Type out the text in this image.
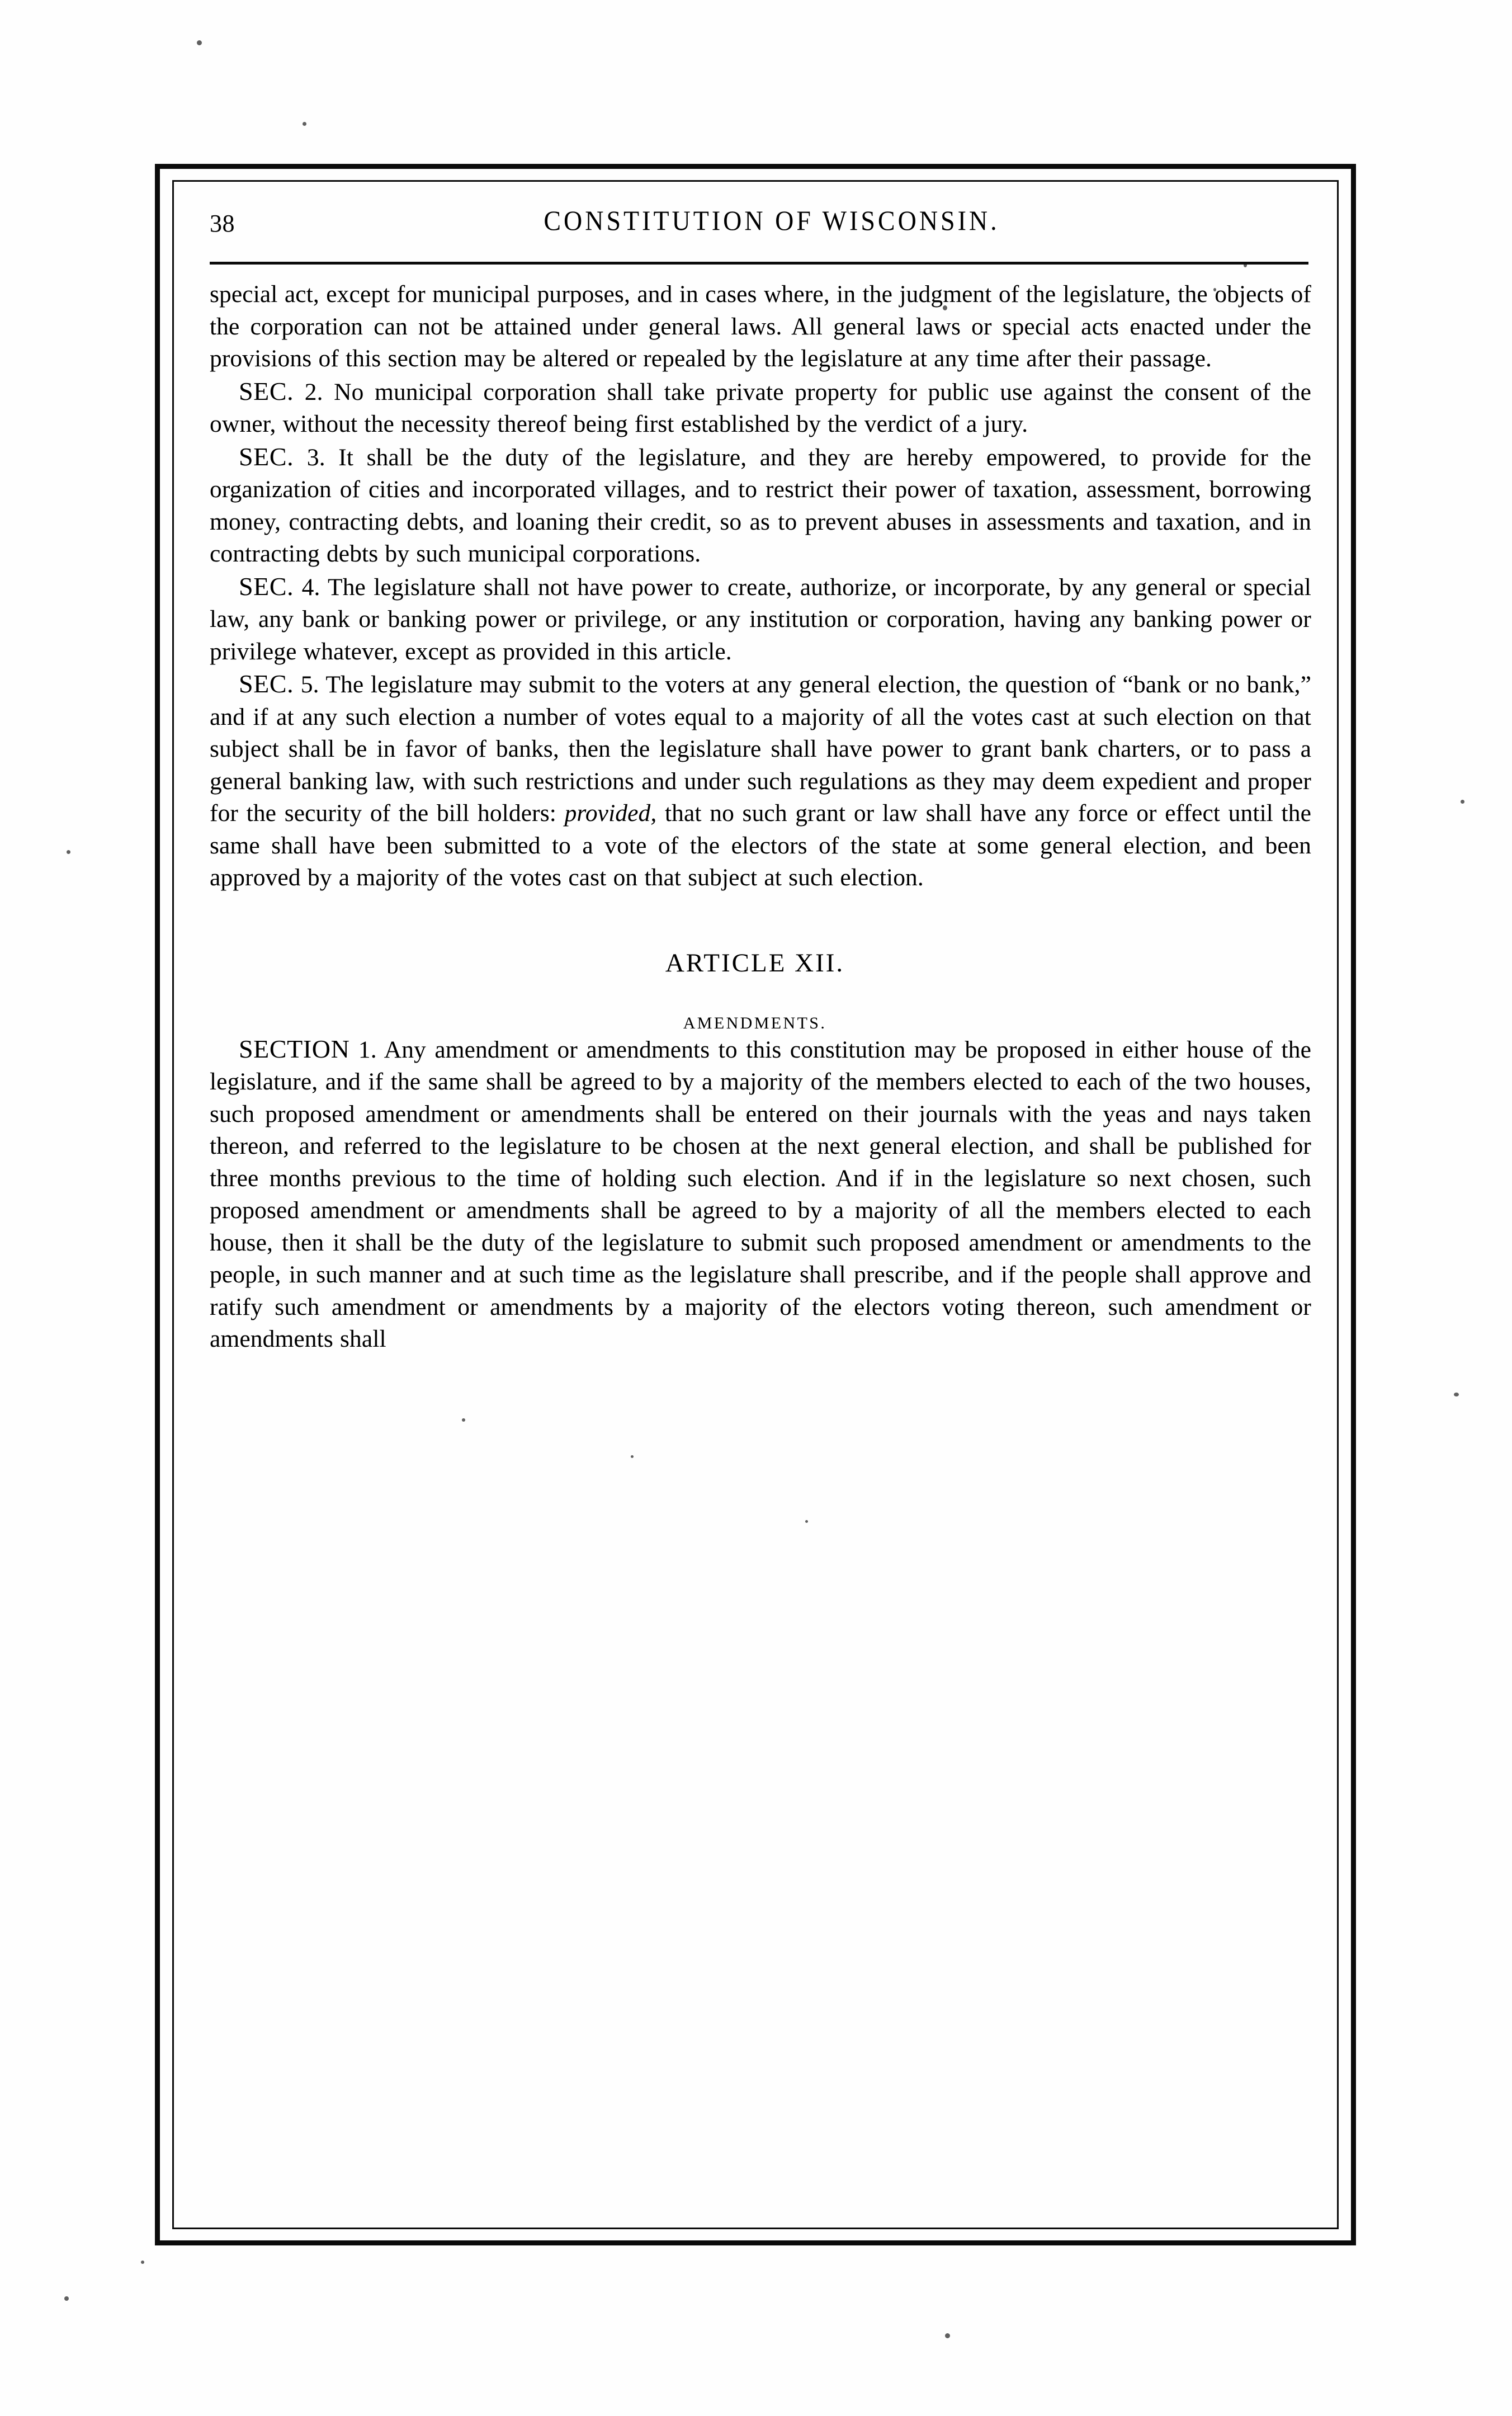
38	CONSTITUTION OF WISCONSIN.

special act, except for municipal purposes, and in cases where, in the judgment of the legislature, the objects of the corporation can not be attained under general laws. All general laws or special acts enacted under the provisions of this section may be altered or repealed by the legislature at any time after their passage.

SEC. 2. No municipal corporation shall take private property for public use against the consent of the owner, without the necessity thereof being first established by the verdict of a jury.

SEC. 3. It shall be the duty of the legislature, and they are hereby empowered, to provide for the organization of cities and incorporated villages, and to restrict their power of taxation, assessment, borrowing money, contracting debts, and loaning their credit, so as to prevent abuses in assessments and taxation, and in contracting debts by such municipal corporations.

SEC. 4. The legislature shall not have power to create, authorize, or incorporate, by any general or special law, any bank or banking power or privilege, or any institution or corporation, having any banking power or privilege whatever, except as provided in this article.

SEC. 5. The legislature may submit to the voters at any general election, the question of “bank or no bank,” and if at any such election a number of votes equal to a majority of all the votes cast at such election on that subject shall be in favor of banks, then the legislature shall have power to grant bank charters, or to pass a general banking law, with such restrictions and under such regulations as they may deem expedient and proper for the security of the bill holders: provided, that no such grant or law shall have any force or effect until the same shall have been submitted to a vote of the electors of the state at some general election, and been approved by a majority of the votes cast on that subject at such election.

ARTICLE XII.
AMENDMENTS.

SECTION 1. Any amendment or amendments to this constitution may be proposed in either house of the legislature, and if the same shall be agreed to by a majority of the members elected to each of the two houses, such proposed amendment or amendments shall be entered on their journals with the yeas and nays taken thereon, and referred to the legislature to be chosen at the next general election, and shall be published for three months previous to the time of holding such election. And if in the legislature so next chosen, such proposed amendment or amendments shall be agreed to by a majority of all the members elected to each house, then it shall be the duty of the legislature to submit such proposed amendment or amendments to the people, in such manner and at such time as the legislature shall prescribe, and if the people shall approve and ratify such amendment or amendments by a majority of the electors voting thereon, such amendment or amendments shall
